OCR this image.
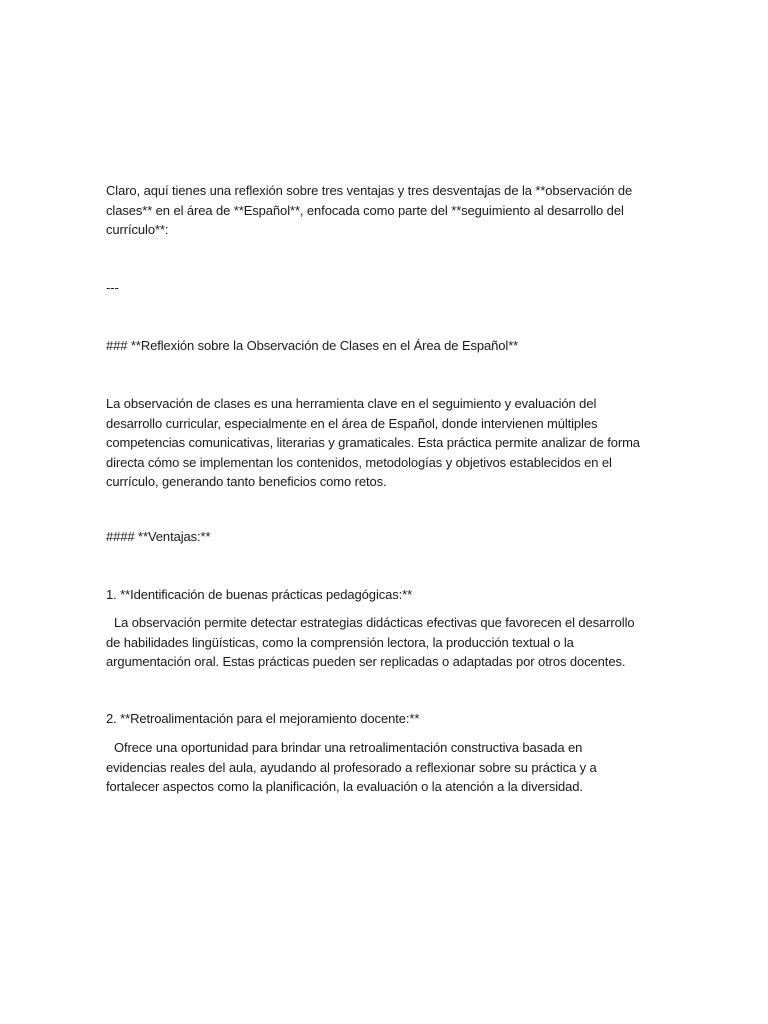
Claro, aquí tienes una reflexión sobre tres ventajas y tres desventajas de la **observación de clases** en el área de **Español**, enfocada como parte del **seguimiento al desarrollo del currículo**:
---
### **Reflexión sobre la Observación de Clases en el Área de Español**
La observación de clases es una herramienta clave en el seguimiento y evaluación del desarrollo curricular, especialmente en el área de Español, donde intervienen múltiples competencias comunicativas, literarias y gramaticales. Esta práctica permite analizar de forma directa cómo se implementan los contenidos, metodologías y objetivos establecidos en el currículo, generando tanto beneficios como retos.
#### **Ventajas:**
1. **Identificación de buenas prácticas pedagógicas:**
La observación permite detectar estrategias didácticas efectivas que favorecen el desarrollo de habilidades lingüísticas, como la comprensión lectora, la producción textual o la argumentación oral. Estas prácticas pueden ser replicadas o adaptadas por otros docentes.
2. **Retroalimentación para el mejoramiento docente:**
Ofrece una oportunidad para brindar una retroalimentación constructiva basada en evidencias reales del aula, ayudando al profesorado a reflexionar sobre su práctica y a fortalecer aspectos como la planificación, la evaluación o la atención a la diversidad.
